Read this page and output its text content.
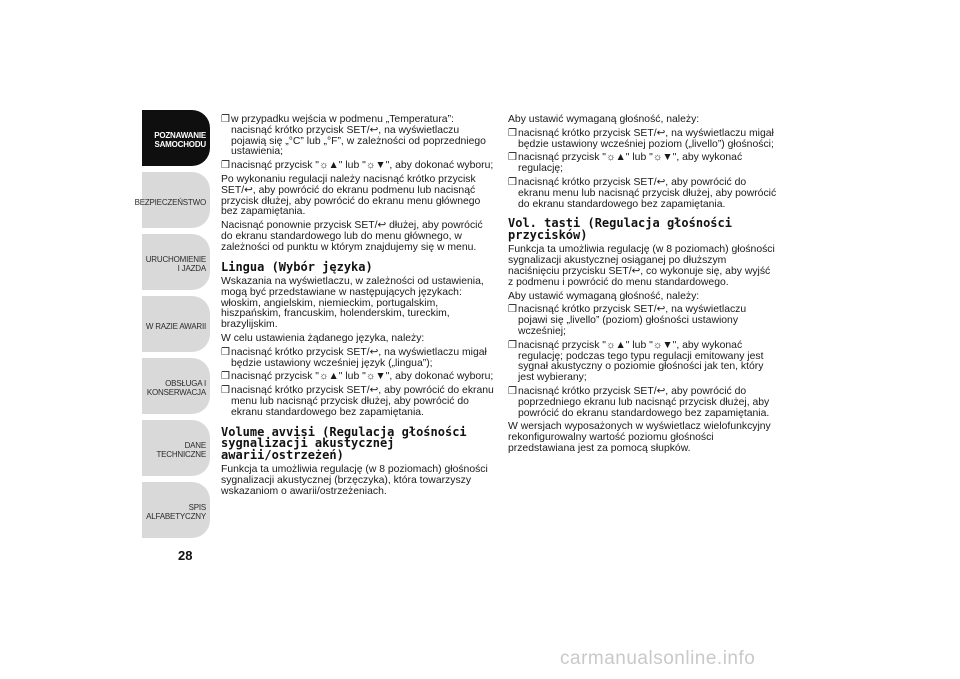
POZNAWANIE SAMOCHODU
BEZPIECZEŃSTWO
URUCHOMIENIE I JAZDA
W RAZIE AWARII
OBSŁUGA I KONSERWACJA
DANE TECHNICZNE
SPIS ALFABETYCZNY
28
❒ w przypadku wejścia w podmenu „Temperatura”: nacisnąć krótko przycisk SET/↩, na wyświetlaczu pojawią się „°C” lub „°F”, w zależności od poprzedniego ustawienia;
❒ nacisnąć przycisk "☼▲" lub "☼▼", aby dokonać wyboru;
Po wykonaniu regulacji należy nacisnąć krótko przycisk SET/↩, aby powrócić do ekranu podmenu lub nacisnąć przycisk dłużej, aby powrócić do ekranu menu głównego bez zapamiętania.
Nacisnąć ponownie przycisk SET/↩ dłużej, aby powrócić do ekranu standardowego lub do menu głównego, w zależności od punktu w którym znajdujemy się w menu.
Lingua (Wybór języka)
Wskazania na wyświetlaczu, w zależności od ustawienia, mogą być przedstawiane w następujących językach: włoskim, angielskim, niemieckim, portugalskim, hiszpańskim, francuskim, holenderskim, tureckim, brazylijskim.
W celu ustawienia żądanego języka, należy:
❒ nacisnąć krótko przycisk SET/↩, na wyświetlaczu migał będzie ustawiony wcześniej język („lingua”);
❒ nacisnąć przycisk "☼▲" lub "☼▼", aby dokonać wyboru;
❒ nacisnąć krótko przycisk SET/↩, aby powrócić do ekranu menu lub nacisnąć przycisk dłużej, aby powrócić do ekranu standardowego bez zapamiętania.
Volume avvisi (Regulacja głośności sygnalizacji akustycznej awarii/ostrzeżeń)
Funkcja ta umożliwia regulację (w 8 poziomach) głośności sygnalizacji akustycznej (brzęczyka), która towarzyszy wskazaniom o awarii/ostrzeżeniach.
Aby ustawić wymaganą głośność, należy:
❒ nacisnąć krótko przycisk SET/↩, na wyświetlaczu migał będzie ustawiony wcześniej poziom („livello”) głośności;
❒ nacisnąć przycisk "☼▲" lub "☼▼", aby wykonać regulację;
❒ nacisnąć krótko przycisk SET/↩, aby powrócić do ekranu menu lub nacisnąć przycisk dłużej, aby powrócić do ekranu standardowego bez zapamiętania.
Vol. tasti (Regulacja głośności przycisków)
Funkcja ta umożliwia regulację (w 8 poziomach) głośności sygnalizacji akustycznej osiąganej po dłuższym naciśnięciu przycisku SET/↩, co wykonuje się, aby wyjść z podmenu i powrócić do menu standardowego.
Aby ustawić wymaganą głośność, należy:
❒ nacisnąć krótko przycisk SET/↩, na wyświetlaczu pojawi się „livello” (poziom) głośności ustawiony wcześniej;
❒ nacisnąć przycisk "☼▲" lub "☼▼", aby wykonać regulację; podczas tego typu regulacji emitowany jest sygnał akustyczny o poziomie głośności jak ten, który jest wybierany;
❒ nacisnąć krótko przycisk SET/↩, aby powrócić do poprzedniego ekranu lub nacisnąć przycisk dłużej, aby powrócić do ekranu standardowego bez zapamiętania.
W wersjach wyposażonych w wyświetlacz wielofunkcyjny rekonfigurowalny wartość poziomu głośności przedstawiana jest za pomocą słupków.
carmanualsonline.info
